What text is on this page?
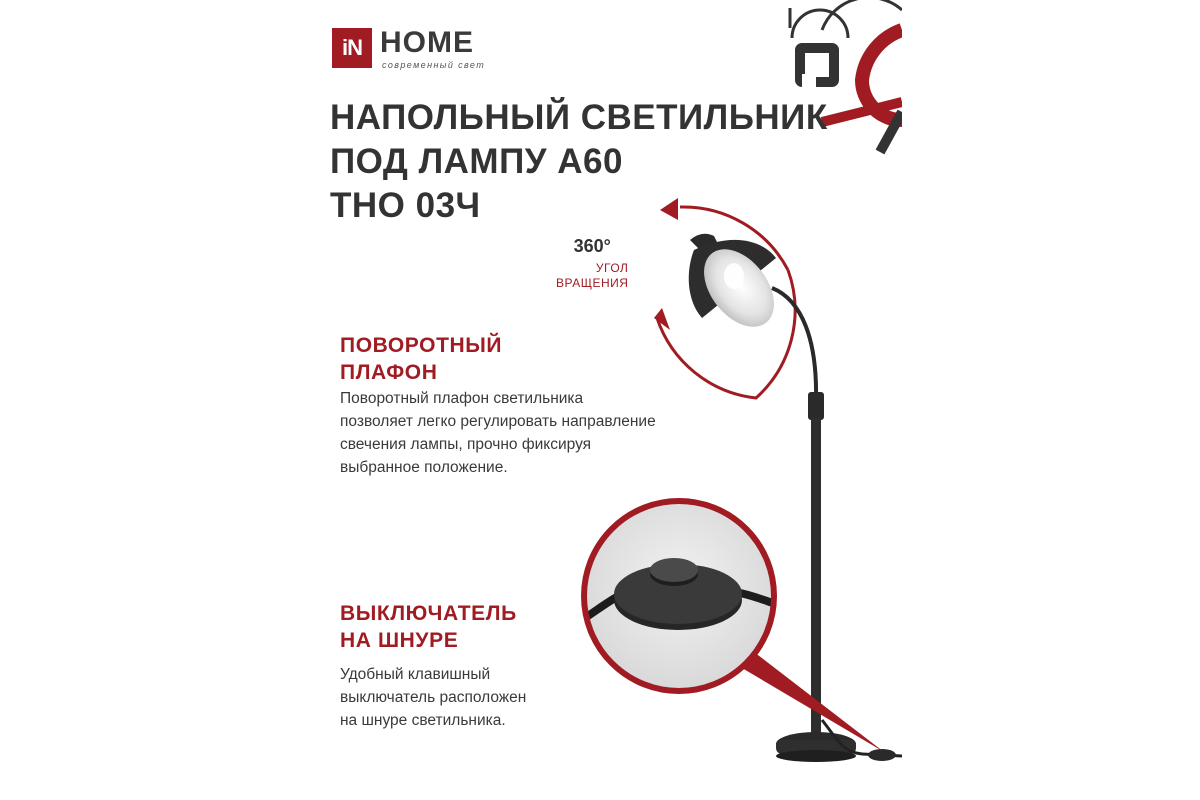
iN HOME
современный свет
НАПОЛЬНЫЙ СВЕТИЛЬНИК
ПОД ЛАМПУ А60
ТНО 03Ч
360°
УГОЛ
ВРАЩЕНИЯ
ПОВОРОТНЫЙ
ПЛАФОН

Поворотный плафон светильника
позволяет легко регулировать направление
свечения лампы, прочно фиксируя
выбранное положение.

ВЫКЛЮЧАТЕЛЬ
НА ШНУРЕ

Удобный клавишный
выключатель расположен
на шнуре светильника.
